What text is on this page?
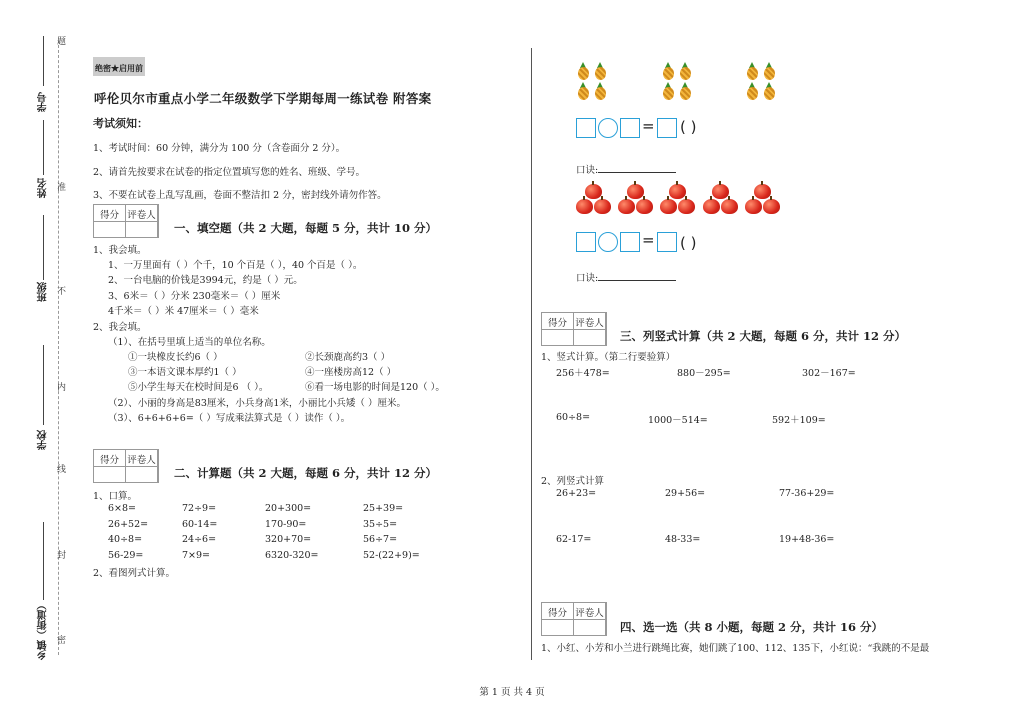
题
学号
准
姓名
不
班级
内
学校
线
封
乡镇（街道） 密
绝密★启用前
呼伦贝尔市重点小学二年级数学下学期每周一练试卷 附答案
考试须知：
1、考试时间：60 分钟，满分为 100 分（含卷面分 2 分）。
2、请首先按要求在试卷的指定位置填写您的姓名、班级、学号。
3、不要在试卷上乱写乱画，卷面不整洁扣 2 分，密封线外请勿作答。
得分 评卷人
一、填空题（共 2 大题，每题 5 分，共计 10 分）
1、我会填。
1、一万里面有（ ）个千，10 个百是（ ），40 个百是（ ）。
2、一台电脑的价钱是3994元，约是（ ）元。
3、6米＝（ ）分米 230毫米＝（ ）厘米
4千米＝（ ）米 47厘米＝（ ）毫米
2、我会填。
（1）、在括号里填上适当的单位名称。
①一块橡皮长约6（ ）	②长颈鹿高约3（ ）
③一本语文课本厚约1（ ）	④一座楼房高12（ ）
⑤小学生每天在校时间是6 （ ）。	⑥看一场电影的时间是120（ ）。
（2）、小丽的身高是83厘米，小兵身高1米，小丽比小兵矮（ ）厘米。
（3）、6+6+6+6=（ ）写成乘法算式是（ ）读作（ ）。
得分 评卷人
二、计算题（共 2 大题，每题 6 分，共计 12 分）
1、口算。
6×8=	72÷9=	20+300=	25+39=
26+52=	60-14=	170-90=	35÷5=
40÷8=	24÷6=	320+70=	56÷7=
56-29=	7×9=	6320-320=	52-(22+9)=
2、看图列式计算。
= ( )
口诀:
= ( )
口诀:
得分 评卷人
三、列竖式计算（共 2 大题，每题 6 分，共计 12 分）
1、竖式计算。（第二行要验算）
256＋478=	880－295=	302－167=
60÷8=	1000－514=	592＋109=
2、列竖式计算
26+23=	29+56=	77-36+29=
62-17=	48-33=	19+48-36=
得分 评卷人
四、选一选（共 8 小题，每题 2 分，共计 16 分）
1、小红、小芳和小兰进行跳绳比赛，她们跳了100、112、135下，小红说：“我跳的不是最
第 1 页 共 4 页
